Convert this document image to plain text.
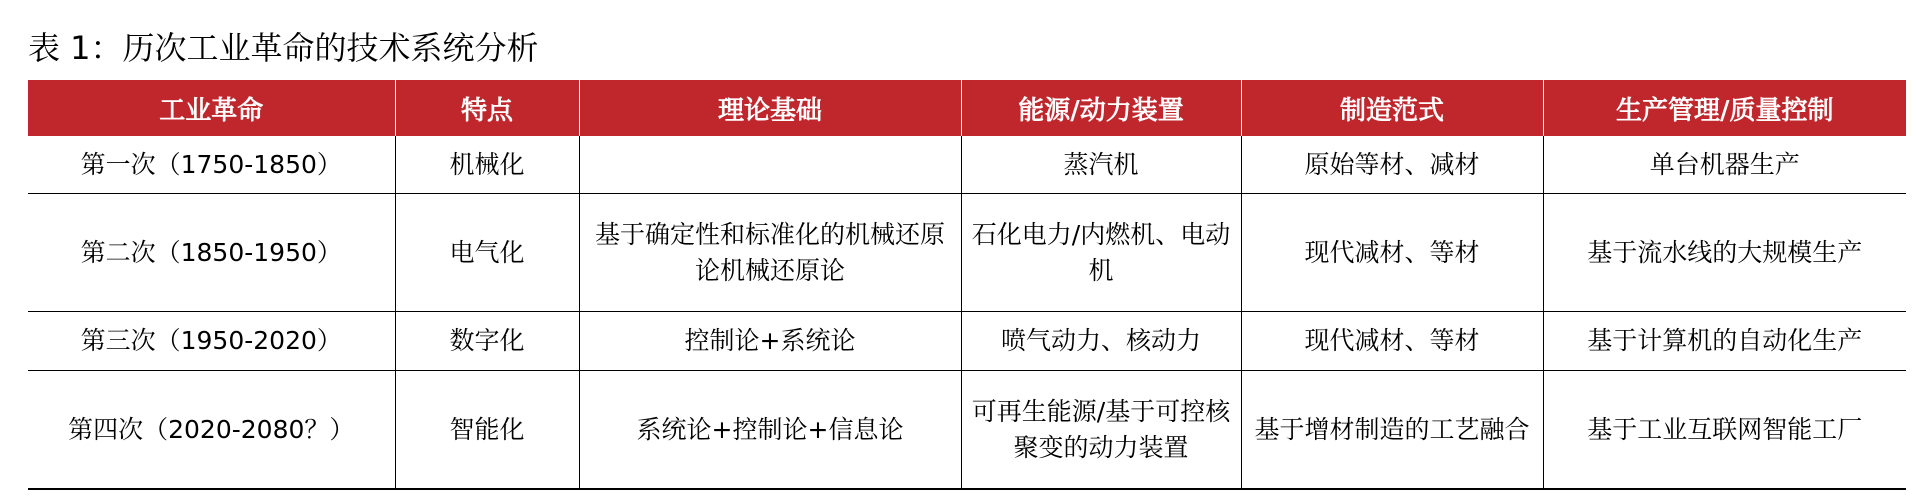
表 1：历次工业革命的技术系统分析
工业革命	特点	理论基础	能源/动力装置	制造范式	生产管理/质量控制
第一次（1750-1850）	机械化		蒸汽机	原始等材、减材	单台机器生产
第二次（1850-1950）	电气化	基于确定性和标准化的机械还原论机械还原论	石化电力/内燃机、电动机	现代减材、等材	基于流水线的大规模生产
第三次（1950-2020）	数字化	控制论+系统论	喷气动力、核动力	现代减材、等材	基于计算机的自动化生产
第四次（2020-2080？）	智能化	系统论+控制论+信息论	可再生能源/基于可控核聚变的动力装置	基于增材制造的工艺融合	基于工业互联网智能工厂
